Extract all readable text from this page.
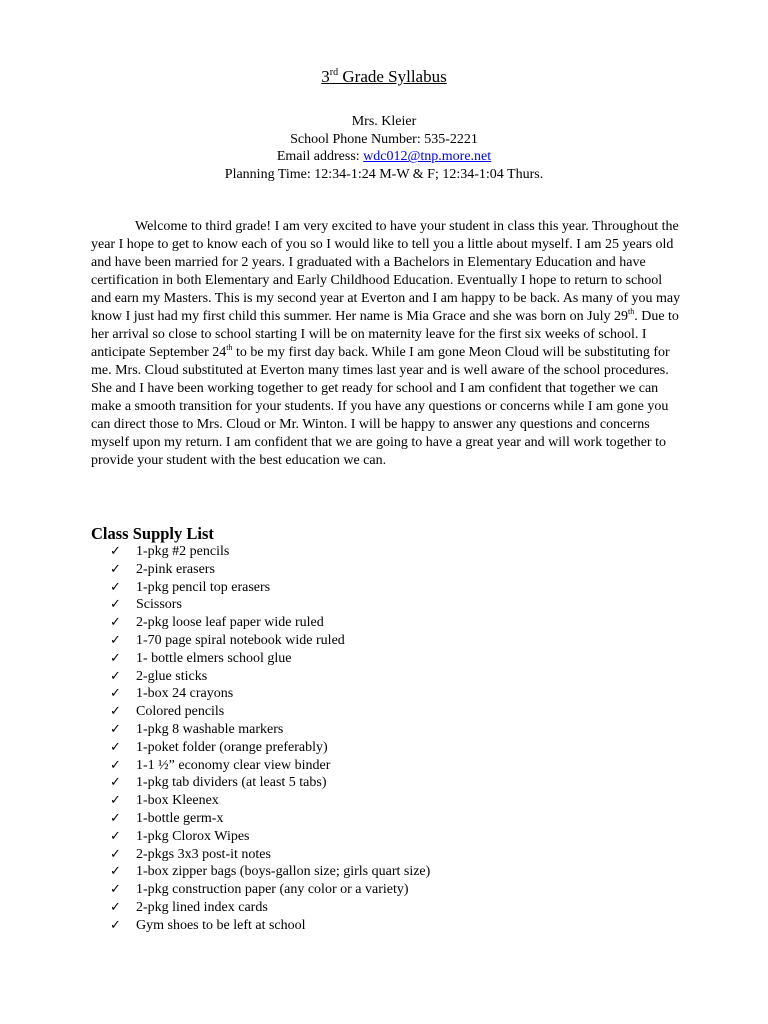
3rd Grade Syllabus
Mrs. Kleier
School Phone Number: 535-2221
Email address: wdc012@tnp.more.net
Planning Time: 12:34-1:24 M-W & F; 12:34-1:04 Thurs.

Welcome to third grade! I am very excited to have your student in class this year. Throughout the year I hope to get to know each of you so I would like to tell you a little about myself. I am 25 years old and have been married for 2 years. I graduated with a Bachelors in Elementary Education and have certification in both Elementary and Early Childhood Education. Eventually I hope to return to school and earn my Masters. This is my second year at Everton and I am happy to be back. As many of you may know I just had my first child this summer. Her name is Mia Grace and she was born on July 29th. Due to her arrival so close to school starting I will be on maternity leave for the first six weeks of school. I anticipate September 24th to be my first day back. While I am gone Meon Cloud will be substituting for me. Mrs. Cloud substituted at Everton many times last year and is well aware of the school procedures. She and I have been working together to get ready for school and I am confident that together we can make a smooth transition for your students. If you have any questions or concerns while I am gone you can direct those to Mrs. Cloud or Mr. Winton. I will be happy to answer any questions and concerns myself upon my return. I am confident that we are going to have a great year and will work together to provide your student with the best education we can.

Class Supply List
✓ 1-pkg #2 pencils
✓ 2-pink erasers
✓ 1-pkg pencil top erasers
✓ Scissors
✓ 2-pkg loose leaf paper wide ruled
✓ 1-70 page spiral notebook wide ruled
✓ 1- bottle elmers school glue
✓ 2-glue sticks
✓ 1-box 24 crayons
✓ Colored pencils
✓ 1-pkg 8 washable markers
✓ 1-poket folder (orange preferably)
✓ 1-1 ½” economy clear view binder
✓ 1-pkg tab dividers (at least 5 tabs)
✓ 1-box Kleenex
✓ 1-bottle germ-x
✓ 1-pkg Clorox Wipes
✓ 2-pkgs 3x3 post-it notes
✓ 1-box zipper bags (boys-gallon size; girls quart size)
✓ 1-pkg construction paper (any color or a variety)
✓ 2-pkg lined index cards
✓ Gym shoes to be left at school
